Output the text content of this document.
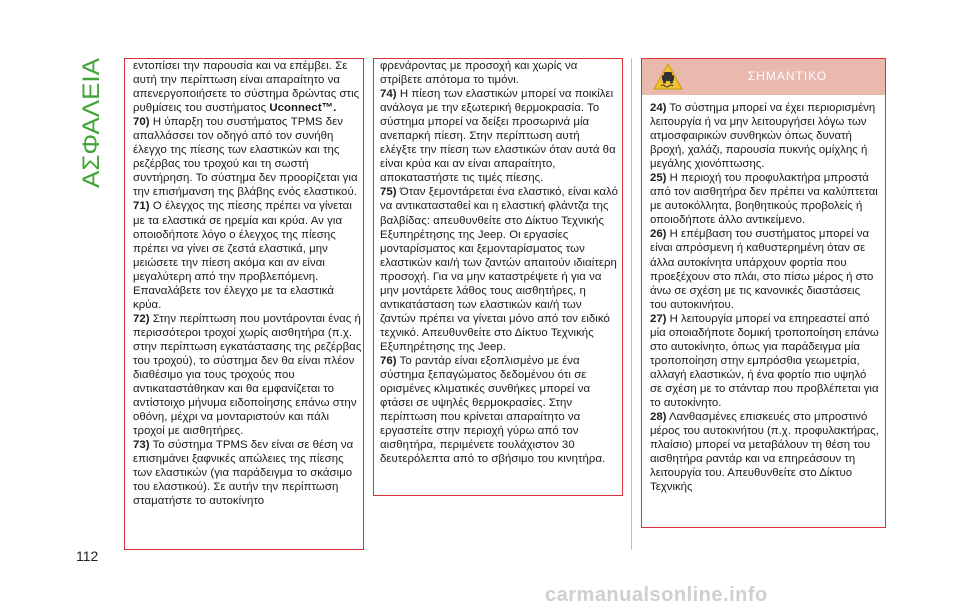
ΑΣΦΑΛΕΙΑ
112

εντοπίσει την παρουσία και να επέμβει. Σε αυτή την περίπτωση είναι απαραίτητο να απενεργοποιήσετε το σύστημα δρώντας στις ρυθμίσεις του συστήματος Uconnect™.

70) Η ύπαρξη του συστήματος TPMS δεν απαλλάσσει τον οδηγό από τον συνήθη έλεγχο της πίεσης των ελαστικών και της ρεζέρβας του τροχού και τη σωστή συντήρηση. Το σύστημα δεν προορίζεται για την επισήμανση της βλάβης ενός ελαστικού.

71) Ο έλεγχος της πίεσης πρέπει να γίνεται με τα ελαστικά σε ηρεμία και κρύα. Αν για οποιοδήποτε λόγο ο έλεγχος της πίεσης πρέπει να γίνει σε ζεστά ελαστικά, μην μειώσετε την πίεση ακόμα και αν είναι μεγαλύτερη από την προβλεπόμενη. Επαναλάβετε τον έλεγχο με τα ελαστικά κρύα.

72) Στην περίπτωση που μοντάρονται ένας ή περισσότεροι τροχοί χωρίς αισθητήρα (π.χ. στην περίπτωση εγκατάστασης της ρεζέρβας του τροχού), το σύστημα δεν θα είναι πλέον διαθέσιμο για τους τροχούς που αντικαταστάθηκαν και θα εμφανίζεται το αντίστοιχο μήνυμα ειδοποίησης επάνω στην οθόνη, μέχρι να μονταριστούν και πάλι τροχοί με αισθητήρες.

73) Το σύστημα TPMS δεν είναι σε θέση να επισημάνει ξαφνικές απώλειες της πίεσης των ελαστικών (για παράδειγμα το σκάσιμο του ελαστικού). Σε αυτήν την περίπτωση σταματήστε το αυτοκίνητο

φρενάροντας με προσοχή και χωρίς να στρίβετε απότομα το τιμόνι.

74) Η πίεση των ελαστικών μπορεί να ποικίλει ανάλογα με την εξωτερική θερμοκρασία. Το σύστημα μπορεί να δείξει προσωρινά μία ανεπαρκή πίεση. Στην περίπτωση αυτή ελέγξτε την πίεση των ελαστικών όταν αυτά θα είναι κρύα και αν είναι απαραίτητο, αποκαταστήστε τις τιμές πίεσης.

75) Όταν ξεμοντάρεται ένα ελαστικό, είναι καλό να αντικατασταθεί και η ελαστική φλάντζα της βαλβίδας: απευθυνθείτε στο Δίκτυο Τεχνικής Εξυπηρέτησης της Jeep. Οι εργασίες μονταρίσματος και ξεμονταρίσματος των ελαστικών και/ή των ζαντών απαιτούν ιδιαίτερη προσοχή. Για να μην καταστρέψετε ή για να μην μοντάρετε λάθος τους αισθητήρες, η αντικατάσταση των ελαστικών και/ή των ζαντών πρέπει να γίνεται μόνο από τον ειδικό τεχνικό. Απευθυνθείτε στο Δίκτυο Τεχνικής Εξυπηρέτησης της Jeep.

76) Το ραντάρ είναι εξοπλισμένο με ένα σύστημα ξεπαγώματος δεδομένου ότι σε ορισμένες κλιματικές συνθήκες μπορεί να φτάσει σε υψηλές θερμοκρασίες. Στην περίπτωση που κρίνεται απαραίτητο να εργαστείτε στην περιοχή γύρω από τον αισθητήρα, περιμένετε τουλάχιστον 30 δευτερόλεπτα από το σβήσιμο του κινητήρα.

ΣΗΜΑΝΤΙΚΟ

24) Το σύστημα μπορεί να έχει περιορισμένη λειτουργία ή να μην λειτουργήσει λόγω των ατμοσφαιρικών συνθηκών όπως δυνατή βροχή, χαλάζι, παρουσία πυκνής ομίχλης ή μεγάλης χιονόπτωσης.

25) Η περιοχή του προφυλακτήρα μπροστά από τον αισθητήρα δεν πρέπει να καλύπτεται με αυτοκόλλητα, βοηθητικούς προβολείς ή οποιοδήποτε άλλο αντικείμενο.

26) Η επέμβαση του συστήματος μπορεί να είναι απρόσμενη ή καθυστερημένη όταν σε άλλα αυτοκίνητα υπάρχουν φορτία που προεξέχουν στο πλάι, στο πίσω μέρος ή στο άνω σε σχέση με τις κανονικές διαστάσεις του αυτοκινήτου.

27) Η λειτουργία μπορεί να επηρεαστεί από μία οποιαδήποτε δομική τροποποίηση επάνω στο αυτοκίνητο, όπως για παράδειγμα μία τροποποίηση στην εμπρόσθια γεωμετρία, αλλαγή ελαστικών, ή ένα φορτίο πιο υψηλό σε σχέση με το στάνταρ που προβλέπεται για το αυτοκίνητο.

28) Λανθασμένες επισκευές στο μπροστινό μέρος του αυτοκινήτου (π.χ. προφυλακτήρας, πλαίσιο) μπορεί να μεταβάλουν τη θέση του αισθητήρα ραντάρ και να επηρεάσουν τη λειτουργία του. Απευθυνθείτε στο Δίκτυο Τεχνικής

carmanualsonline.info
